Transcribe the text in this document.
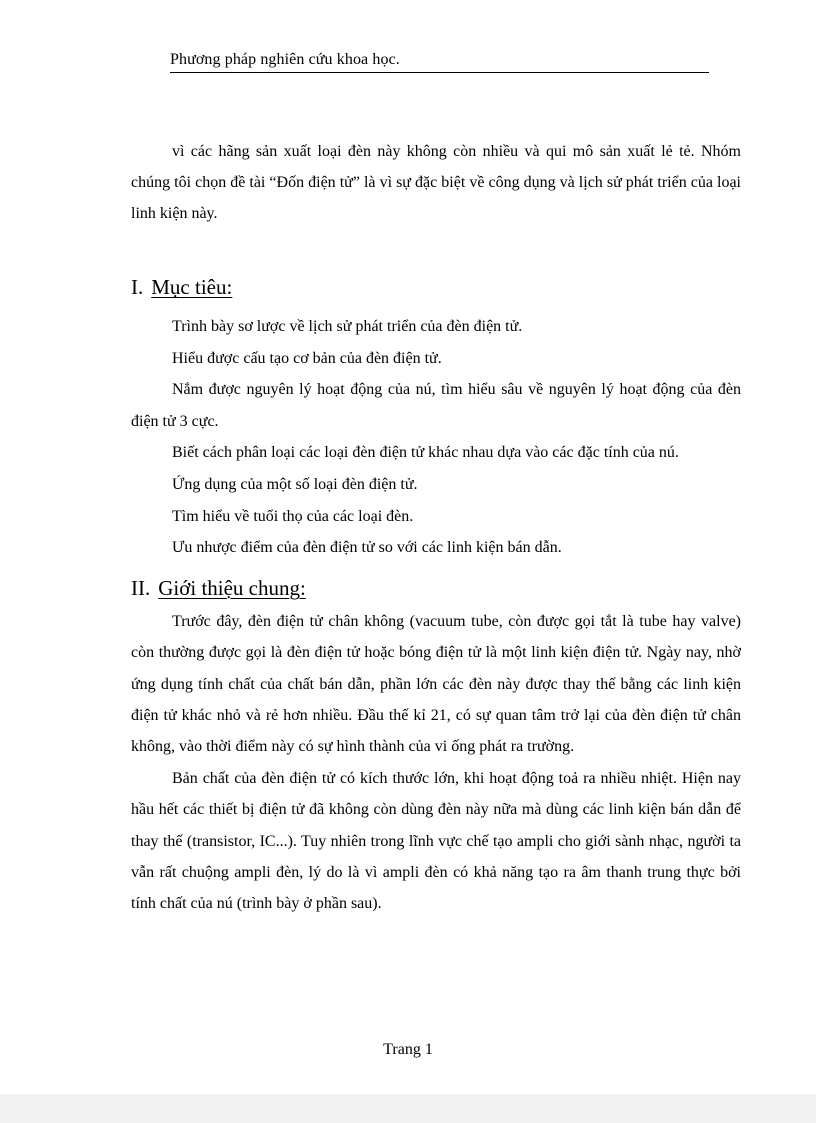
Phương pháp nghiên cứu khoa học.

vì các hãng sản xuất loại đèn này không còn nhiều và qui mô sản xuất lẻ tẻ. Nhóm chúng tôi chọn đề tài “Đốn điện tử” là vì sự đặc biệt về công dụng và lịch sử phát triển của loại linh kiện này.

I. Mục tiêu:

Trình bày sơ lược về lịch sử phát triển của đèn điện tử.

Hiểu được cấu tạo cơ bản của đèn điện tử.

Nắm được nguyên lý hoạt động của nú, tìm hiểu sâu về nguyên lý hoạt động của đèn điện tử 3 cực.

Biết cách phân loại các loại đèn điện tử khác nhau dựa vào các đặc tính của nú.

Ứng dụng của một số loại đèn điện tử.

Tìm hiểu về tuổi thọ của các loại đèn.

Ưu nhược điểm của đèn điện tử so với các linh kiện bán dẫn.

II. Giới thiệu chung:

Trước đây, đèn điện tử chân không (vacuum tube, còn được gọi tắt là tube hay valve) còn thường được gọi là đèn điện tử hoặc bóng điện tử là một linh kiện điện tử. Ngày nay, nhờ ứng dụng tính chất của chất bán dẫn, phần lớn các đèn này được thay thế bằng các linh kiện điện tử khác nhỏ và rẻ hơn nhiều. Đầu thế kỉ 21, có sự quan tâm trở lại của đèn điện tử chân không, vào thời điểm này có sự hình thành của vi ống phát ra trường.

Bản chất của đèn điện tử có kích thước lớn, khi hoạt động toả ra nhiều nhiệt. Hiện nay hầu hết các thiết bị điện tử đã không còn dùng đèn này nữa mà dùng các linh kiện bán dẫn để thay thế (transistor, IC...). Tuy nhiên trong lĩnh vực chế tạo ampli cho giới sành nhạc, người ta vẫn rất chuộng ampli đèn, lý do là vì ampli đèn có khả năng tạo ra âm thanh trung thực bởi tính chất của nú (trình bày ở phần sau).

Trang 1
